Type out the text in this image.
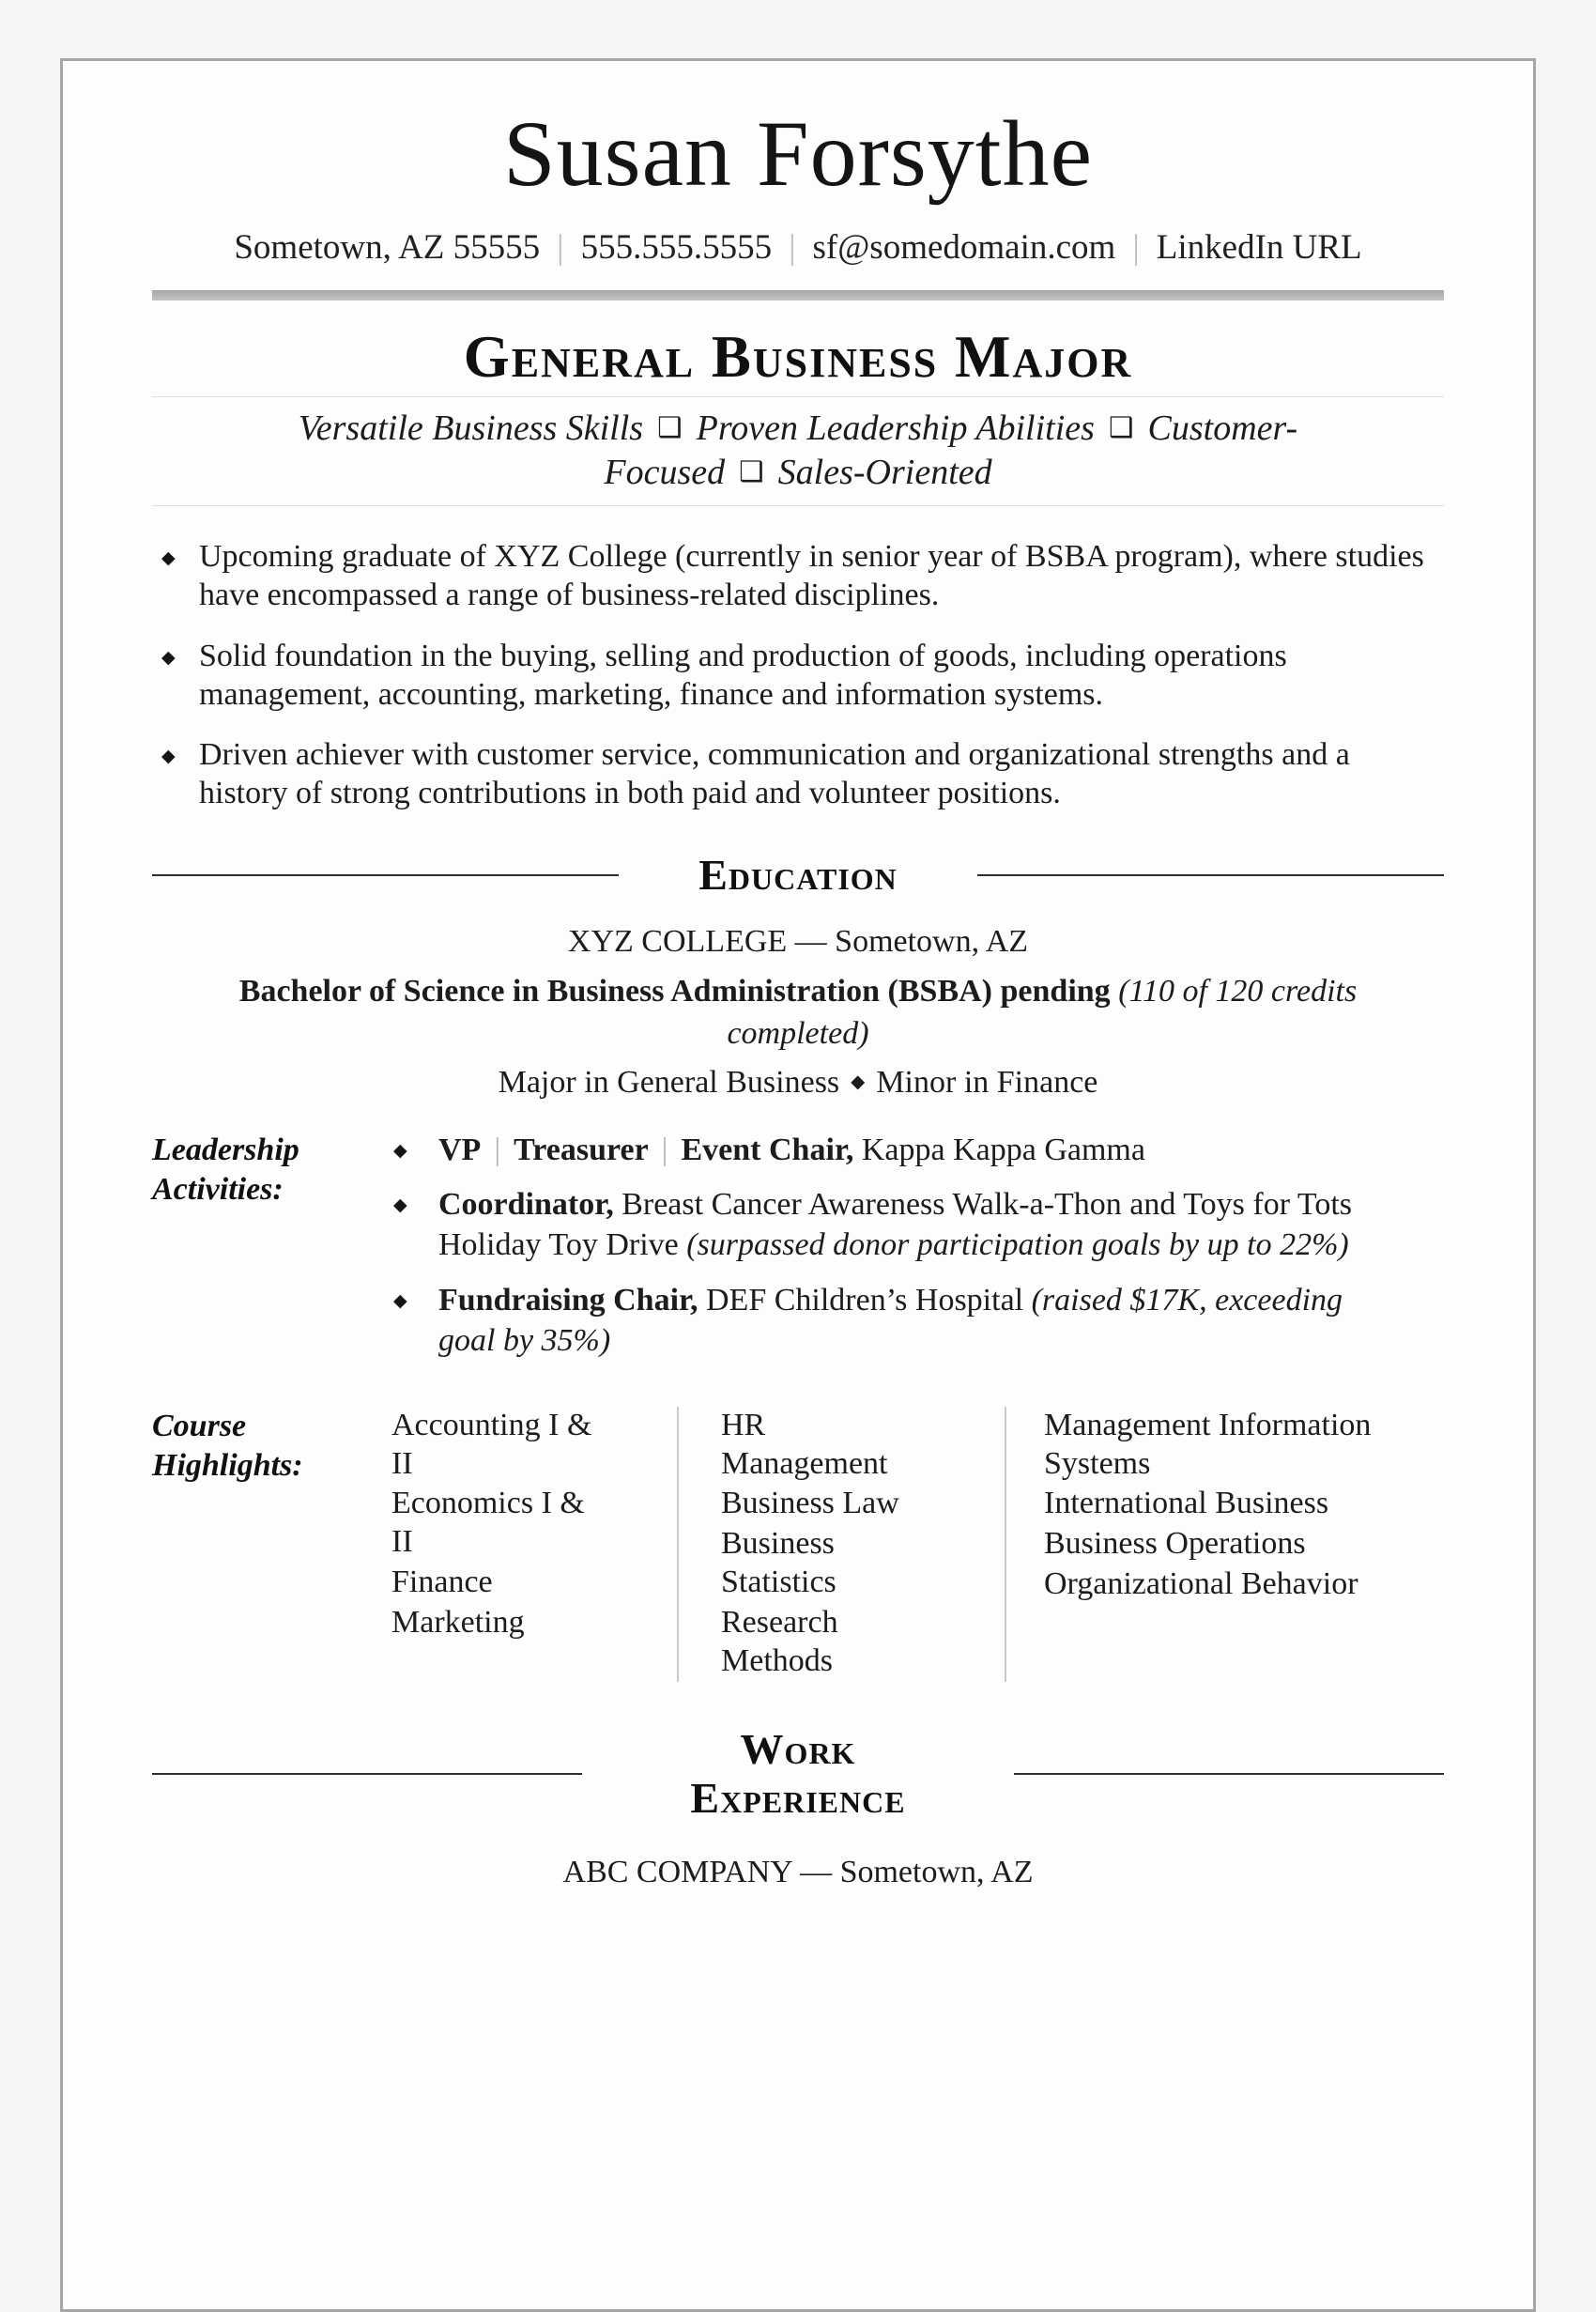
Susan Forsythe
Sometown, AZ 55555 | 555.555.5555 | sf@somedomain.com | LinkedIn URL
General Business Major
Versatile Business Skills ❑ Proven Leadership Abilities ❑ Customer-Focused ❑ Sales-Oriented
◆ Upcoming graduate of XYZ College (currently in senior year of BSBA program), where studies have encompassed a range of business-related disciplines.
◆ Solid foundation in the buying, selling and production of goods, including operations management, accounting, marketing, finance and information systems.
◆ Driven achiever with customer service, communication and organizational strengths and a history of strong contributions in both paid and volunteer positions.
Education
XYZ COLLEGE — Sometown, AZ
Bachelor of Science in Business Administration (BSBA) pending (110 of 120 credits completed)
Major in General Business ◆ Minor in Finance
Leadership Activities:
◆ VP | Treasurer | Event Chair, Kappa Kappa Gamma
◆ Coordinator, Breast Cancer Awareness Walk-a-Thon and Toys for Tots Holiday Toy Drive (surpassed donor participation goals by up to 22%)
◆ Fundraising Chair, DEF Children’s Hospital (raised $17K, exceeding goal by 35%)
Course Highlights:
Accounting I & II
Economics I & II
Finance
Marketing
HR Management
Business Law
Business Statistics
Research Methods
Management Information Systems
International Business
Business Operations
Organizational Behavior
Work Experience
ABC COMPANY — Sometown, AZ
